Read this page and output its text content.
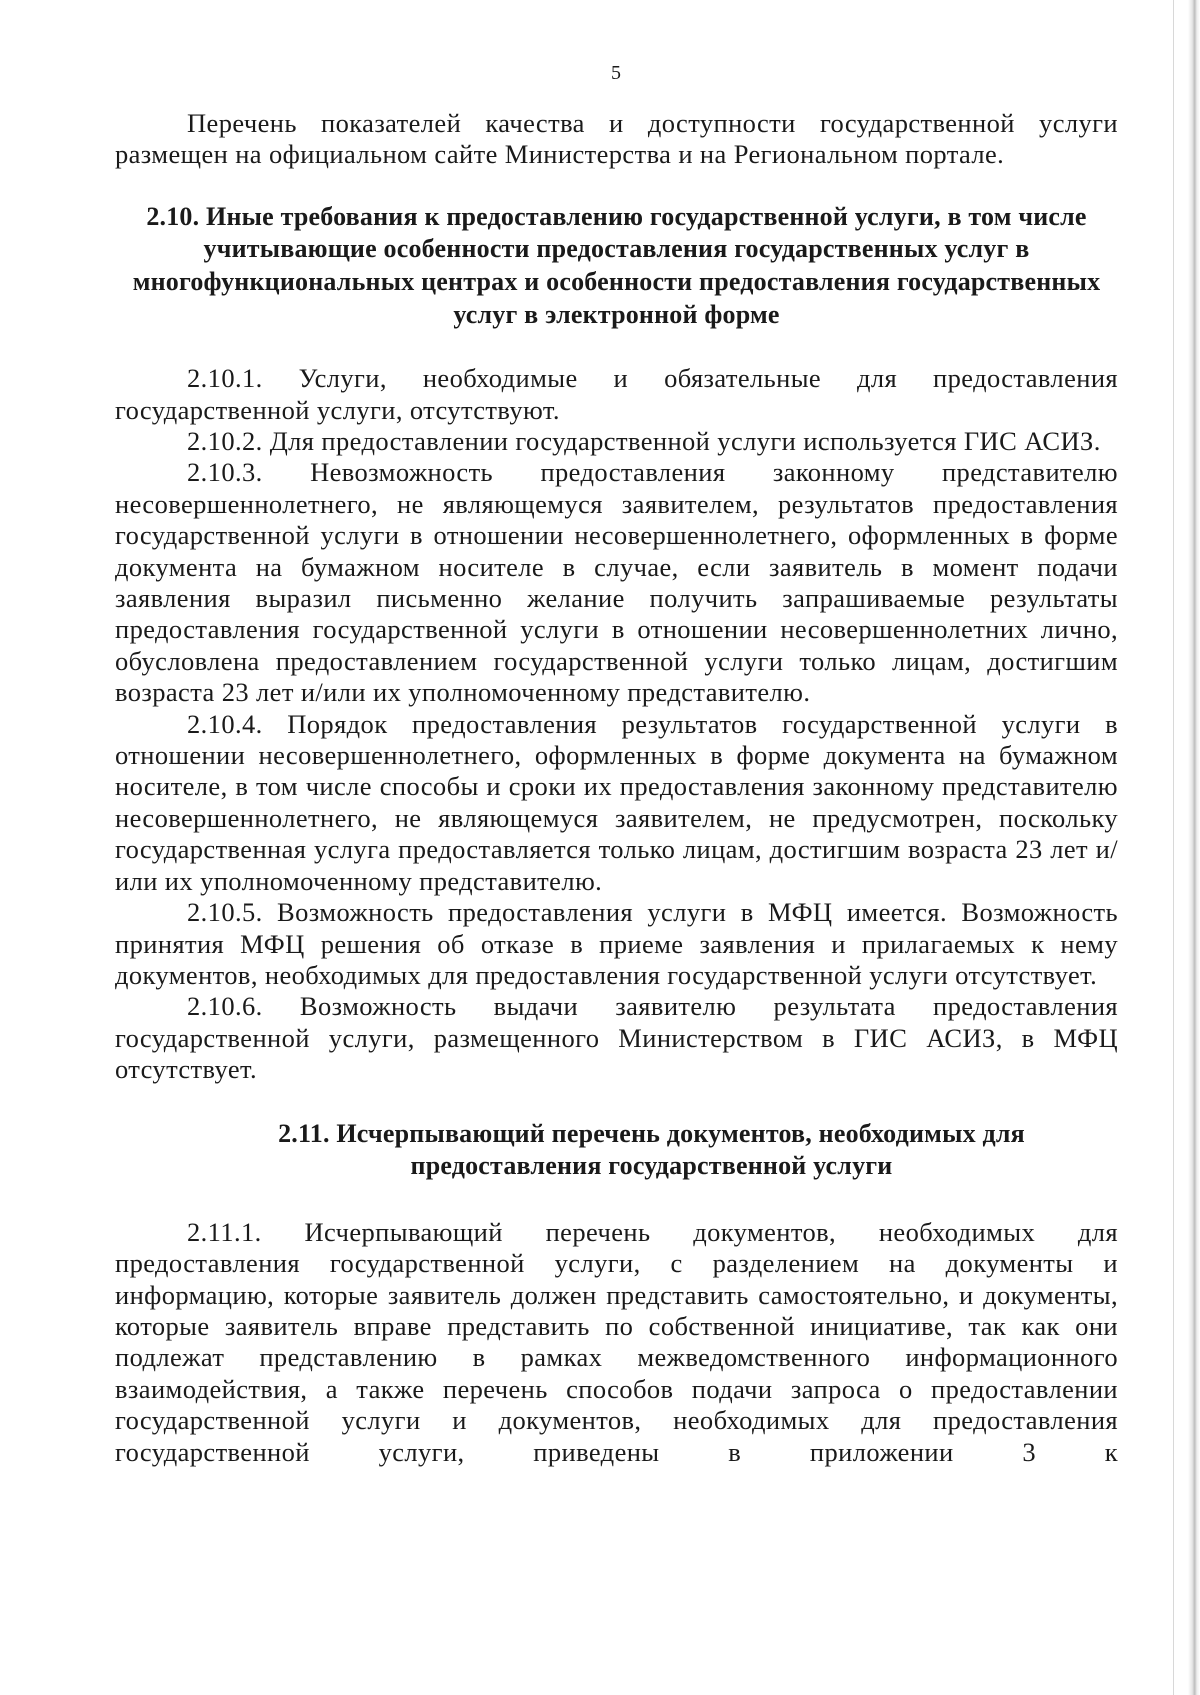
5

Перечень показателей качества и доступности государственной услуги размещен на официальном сайте Министерства и на Региональном портале.

2.10. Иные требования к предоставлению государственной услуги, в том числе учитывающие особенности предоставления государственных услуг в многофункциональных центрах и особенности предоставления государственных услуг в электронной форме

2.10.1. Услуги, необходимые и обязательные для предоставления государственной услуги, отсутствуют.

2.10.2. Для предоставлении государственной услуги используется ГИС АСИЗ.

2.10.3. Невозможность предоставления законному представителю несовершеннолетнего, не являющемуся заявителем, результатов предоставления государственной услуги в отношении несовершеннолетнего, оформленных в форме документа на бумажном носителе в случае, если заявитель в момент подачи заявления выразил письменно желание получить запрашиваемые результаты предоставления государственной услуги в отношении несовершеннолетних лично, обусловлена предоставлением государственной услуги только лицам, достигшим возраста 23 лет и/или их уполномоченному представителю.

2.10.4. Порядок предоставления результатов государственной услуги в отношении несовершеннолетнего, оформленных в форме документа на бумажном носителе, в том числе способы и сроки их предоставления законному представителю несовершеннолетнего, не являющемуся заявителем, не предусмотрен, поскольку государственная услуга предоставляется только лицам, достигшим возраста 23 лет и/или их уполномоченному представителю.

2.10.5. Возможность предоставления услуги в МФЦ имеется. Возможность принятия МФЦ решения об отказе в приеме заявления и прилагаемых к нему документов, необходимых для предоставления государственной услуги отсутствует.

2.10.6. Возможность выдачи заявителю результата предоставления государственной услуги, размещенного Министерством в ГИС АСИЗ, в МФЦ отсутствует.

2.11. Исчерпывающий перечень документов, необходимых для предоставления государственной услуги

2.11.1. Исчерпывающий перечень документов, необходимых для предоставления государственной услуги, с разделением на документы и информацию, которые заявитель должен представить самостоятельно, и документы, которые заявитель вправе представить по собственной инициативе, так как они подлежат представлению в рамках межведомственного информационного взаимодействия, а также перечень способов подачи запроса о предоставлении государственной услуги и документов, необходимых для предоставления государственной услуги, приведены в приложении 3 к
